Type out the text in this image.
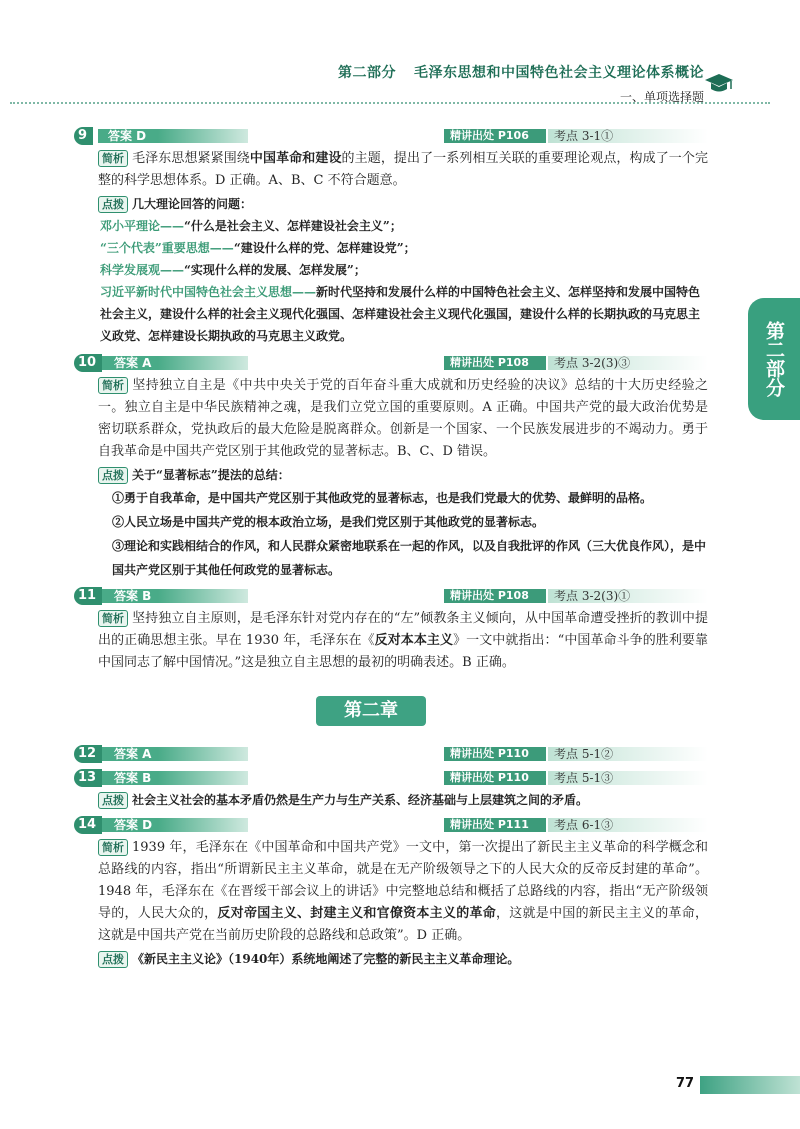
第二部分 毛泽东思想和中国特色社会主义理论体系概论
一、单项选择题
第二部分
9	答案 D	精讲出处 P106 考点 3-1①
简析 毛泽东思想紧紧围绕中国革命和建设的主题，提出了一系列相互关联的重要理论观点，构成了一个完整的科学思想体系。D 正确。A、B、C 不符合题意。
点拨 几大理论回答的问题：
邓小平理论——“什么是社会主义、怎样建设社会主义”；
“三个代表”重要思想——“建设什么样的党、怎样建设党”；
科学发展观——“实现什么样的发展、怎样发展”；
习近平新时代中国特色社会主义思想——新时代坚持和发展什么样的中国特色社会主义、怎样坚持和发展中国特色社会主义，建设什么样的社会主义现代化强国、怎样建设社会主义现代化强国，建设什么样的长期执政的马克思主义政党、怎样建设长期执政的马克思主义政党。
10	答案 A	精讲出处 P108 考点 3-2(3)③
简析 坚持独立自主是《中共中央关于党的百年奋斗重大成就和历史经验的决议》总结的十大历史经验之一。独立自主是中华民族精神之魂，是我们立党立国的重要原则。A 正确。中国共产党的最大政治优势是密切联系群众，党执政后的最大危险是脱离群众。创新是一个国家、一个民族发展进步的不竭动力。勇于自我革命是中国共产党区别于其他政党的显著标志。B、C、D 错误。
点拨 关于“显著标志”提法的总结：
①勇于自我革命，是中国共产党区别于其他政党的显著标志，也是我们党最大的优势、最鲜明的品格。
②人民立场是中国共产党的根本政治立场，是我们党区别于其他政党的显著标志。
③理论和实践相结合的作风，和人民群众紧密地联系在一起的作风，以及自我批评的作风（三大优良作风），是中国共产党区别于其他任何政党的显著标志。
11	答案 B	精讲出处 P108 考点 3-2(3)①
简析 坚持独立自主原则，是毛泽东针对党内存在的“左”倾教条主义倾向，从中国革命遭受挫折的教训中提出的正确思想主张。早在 1930 年，毛泽东在《反对本本主义》一文中就指出：“中国革命斗争的胜利要靠中国同志了解中国情况。”这是独立自主思想的最初的明确表述。B 正确。
第二章
12	答案 A	精讲出处 P110 考点 5-1②
13	答案 B	精讲出处 P110 考点 5-1③
点拨 社会主义社会的基本矛盾仍然是生产力与生产关系、经济基础与上层建筑之间的矛盾。
14	答案 D	精讲出处 P111 考点 6-1③
简析 1939 年，毛泽东在《中国革命和中国共产党》一文中，第一次提出了新民主主义革命的科学概念和总路线的内容，指出“所谓新民主主义革命，就是在无产阶级领导之下的人民大众的反帝反封建的革命”。1948 年，毛泽东在《在晋绥干部会议上的讲话》中完整地总结和概括了总路线的内容，指出“无产阶级领导的，人民大众的，反对帝国主义、封建主义和官僚资本主义的革命，这就是中国的新民主主义的革命，这就是中国共产党在当前历史阶段的总路线和总政策”。D 正确。
点拨 《新民主主义论》（1940年）系统地阐述了完整的新民主主义革命理论。
77
